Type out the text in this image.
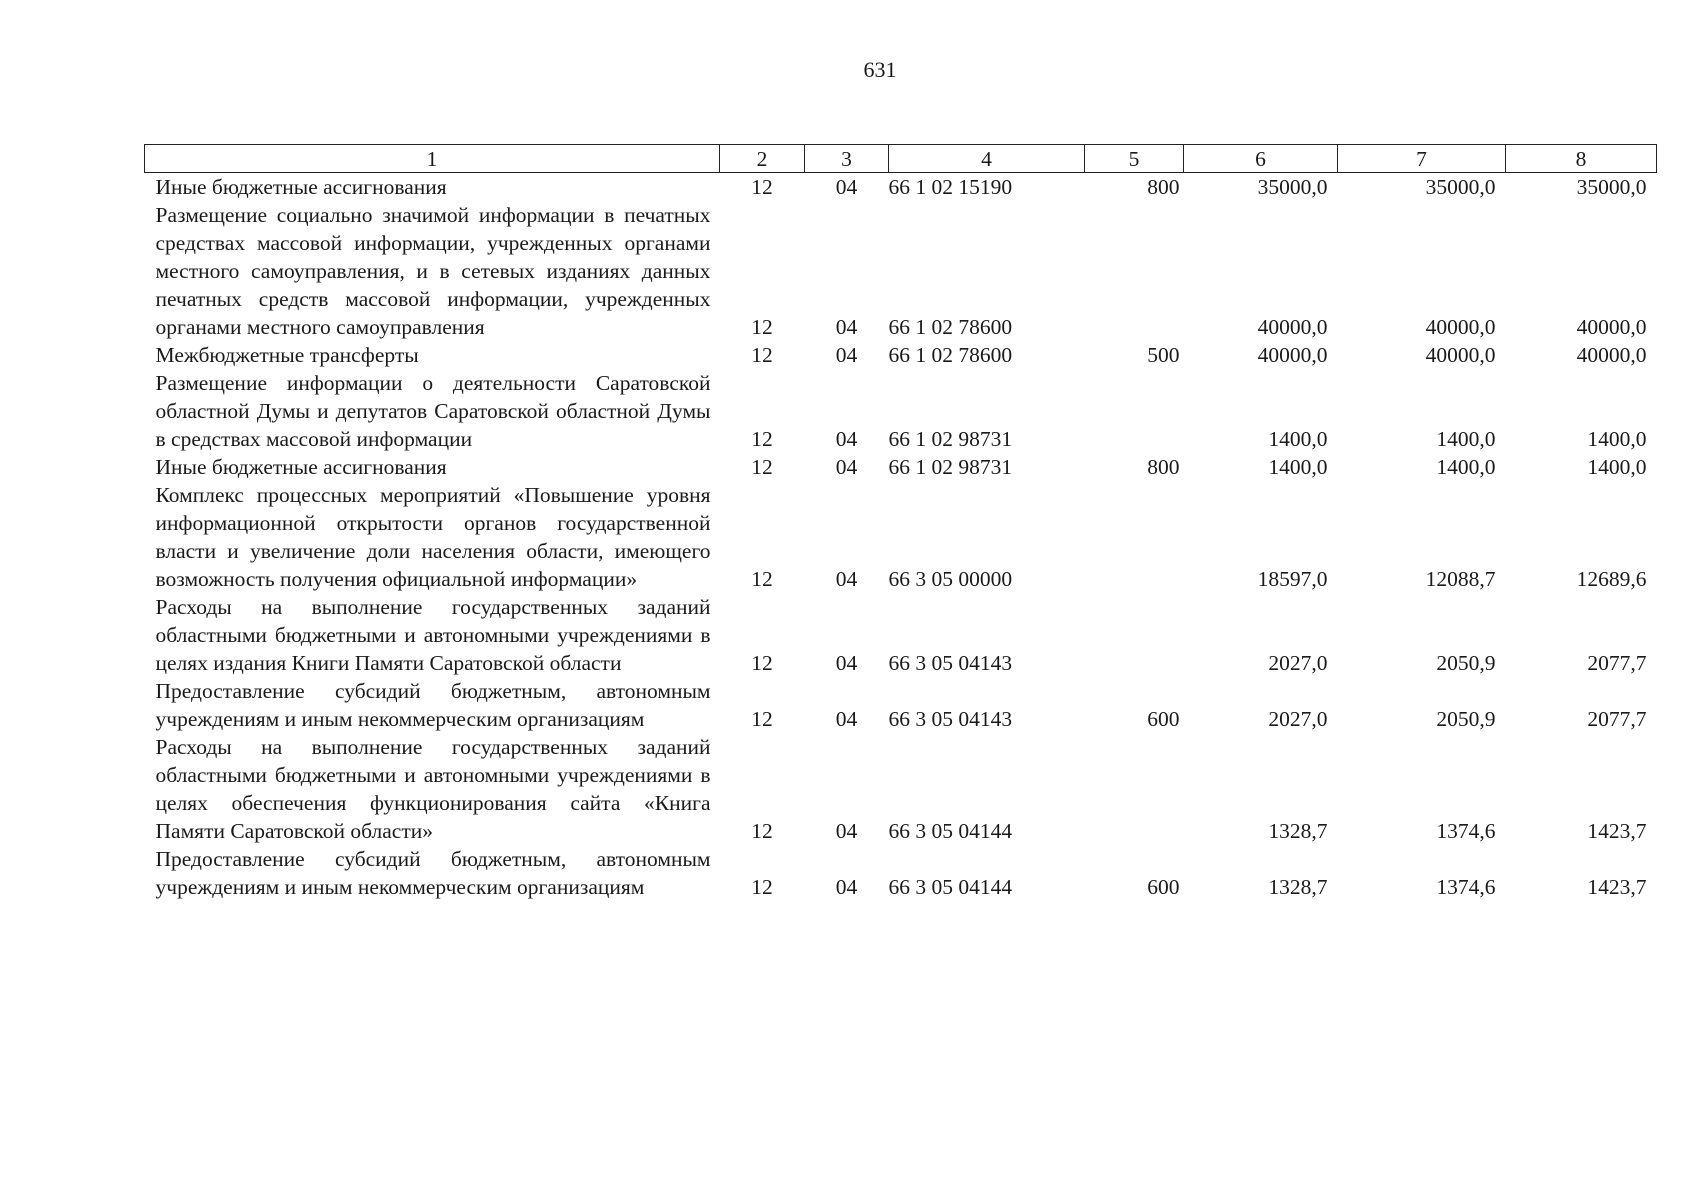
631
1	2	3	4	5	6	7	8
Иные бюджетные ассигнования	12	04	66 1 02 15190	800	35000,0	35000,0	35000,0
Размещение социально значимой информации в печатных средствах массовой информации, учрежденных органами местного самоуправления, и в сетевых изданиях данных печатных средств массовой информации, учрежденных органами местного самоуправления	12	04	66 1 02 78600		40000,0	40000,0	40000,0
Межбюджетные трансферты	12	04	66 1 02 78600	500	40000,0	40000,0	40000,0
Размещение информации о деятельности Саратовской областной Думы и депутатов Саратовской областной Думы в средствах массовой информации	12	04	66 1 02 98731		1400,0	1400,0	1400,0
Иные бюджетные ассигнования	12	04	66 1 02 98731	800	1400,0	1400,0	1400,0
Комплекс процессных мероприятий «Повышение уровня информационной открытости органов государственной власти и увеличение доли населения области, имеющего возможность получения официальной информации»	12	04	66 3 05 00000		18597,0	12088,7	12689,6
Расходы на выполнение государственных заданий областными бюджетными и автономными учреждениями в целях издания Книги Памяти Саратовской области	12	04	66 3 05 04143		2027,0	2050,9	2077,7
Предоставление субсидий бюджетным, автономным учреждениям и иным некоммерческим организациям	12	04	66 3 05 04143	600	2027,0	2050,9	2077,7
Расходы на выполнение государственных заданий областными бюджетными и автономными учреждениями в целях обеспечения функционирования сайта «Книга Памяти Саратовской области»	12	04	66 3 05 04144		1328,7	1374,6	1423,7
Предоставление субсидий бюджетным, автономным учреждениям и иным некоммерческим организациям	12	04	66 3 05 04144	600	1328,7	1374,6	1423,7
